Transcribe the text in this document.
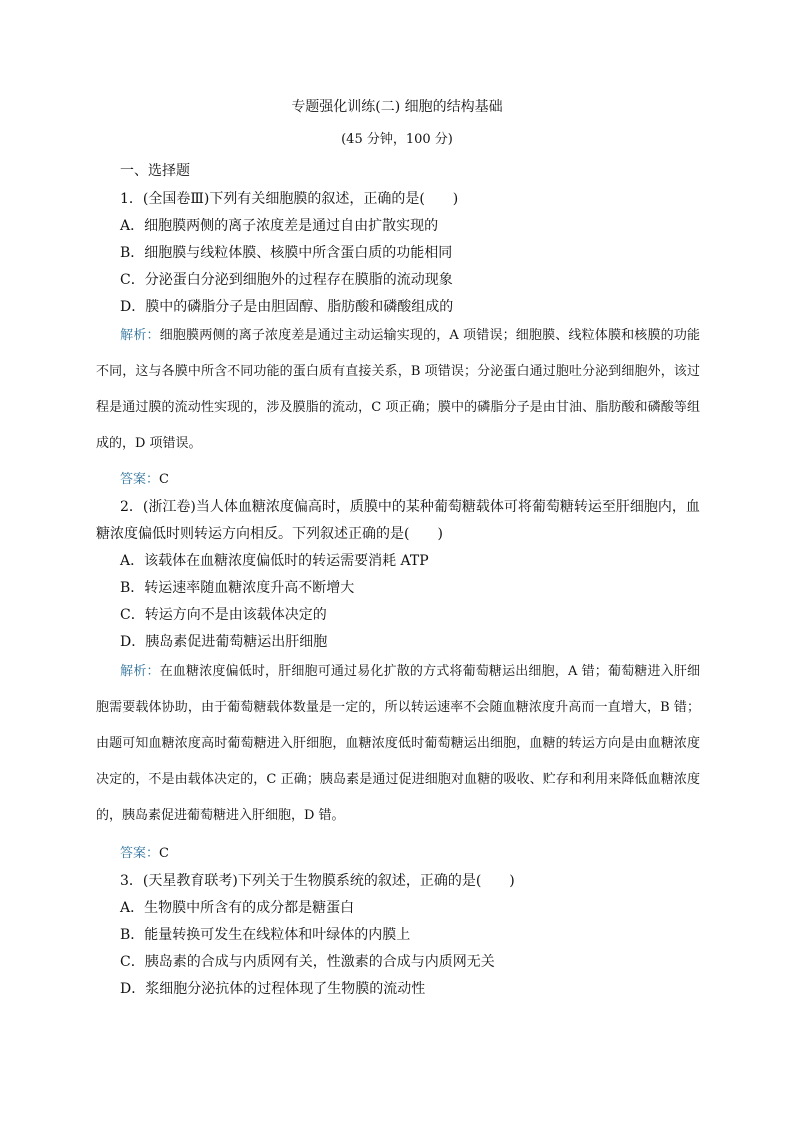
专题强化训练(二) 细胞的结构基础
(45 分钟，100 分)
一、选择题
1．(全国卷Ⅲ)下列有关细胞膜的叙述，正确的是(　　)
A．细胞膜两侧的离子浓度差是通过自由扩散实现的
B．细胞膜与线粒体膜、核膜中所含蛋白质的功能相同
C．分泌蛋白分泌到细胞外的过程存在膜脂的流动现象
D．膜中的磷脂分子是由胆固醇、脂肪酸和磷酸组成的
解析：细胞膜两侧的离子浓度差是通过主动运输实现的，A 项错误；细胞膜、线粒体膜和核膜的功能不同，这与各膜中所含不同功能的蛋白质有直接关系，B 项错误；分泌蛋白通过胞吐分泌到细胞外，该过程是通过膜的流动性实现的，涉及膜脂的流动，C 项正确；膜中的磷脂分子是由甘油、脂肪酸和磷酸等组成的，D 项错误。
答案：C
2．(浙江卷)当人体血糖浓度偏高时，质膜中的某种葡萄糖载体可将葡萄糖转运至肝细胞内，血
糖浓度偏低时则转运方向相反。下列叙述正确的是(　　)
A．该载体在血糖浓度偏低时的转运需要消耗 ATP
B．转运速率随血糖浓度升高不断增大
C．转运方向不是由该载体决定的
D．胰岛素促进葡萄糖运出肝细胞
解析：在血糖浓度偏低时，肝细胞可通过易化扩散的方式将葡萄糖运出细胞，A 错；葡萄糖进入肝细胞需要载体协助，由于葡萄糖载体数量是一定的，所以转运速率不会随血糖浓度升高而一直增大，B 错；由题可知血糖浓度高时葡萄糖进入肝细胞，血糖浓度低时葡萄糖运出细胞，血糖的转运方向是由血糖浓度决定的，不是由载体决定的，C 正确；胰岛素是通过促进细胞对血糖的吸收、贮存和利用来降低血糖浓度的，胰岛素促进葡萄糖进入肝细胞，D 错。
答案：C
3．(天星教育联考)下列关于生物膜系统的叙述，正确的是(　　)
A．生物膜中所含有的成分都是糖蛋白
B．能量转换可发生在线粒体和叶绿体的内膜上
C．胰岛素的合成与内质网有关，性激素的合成与内质网无关
D．浆细胞分泌抗体的过程体现了生物膜的流动性
